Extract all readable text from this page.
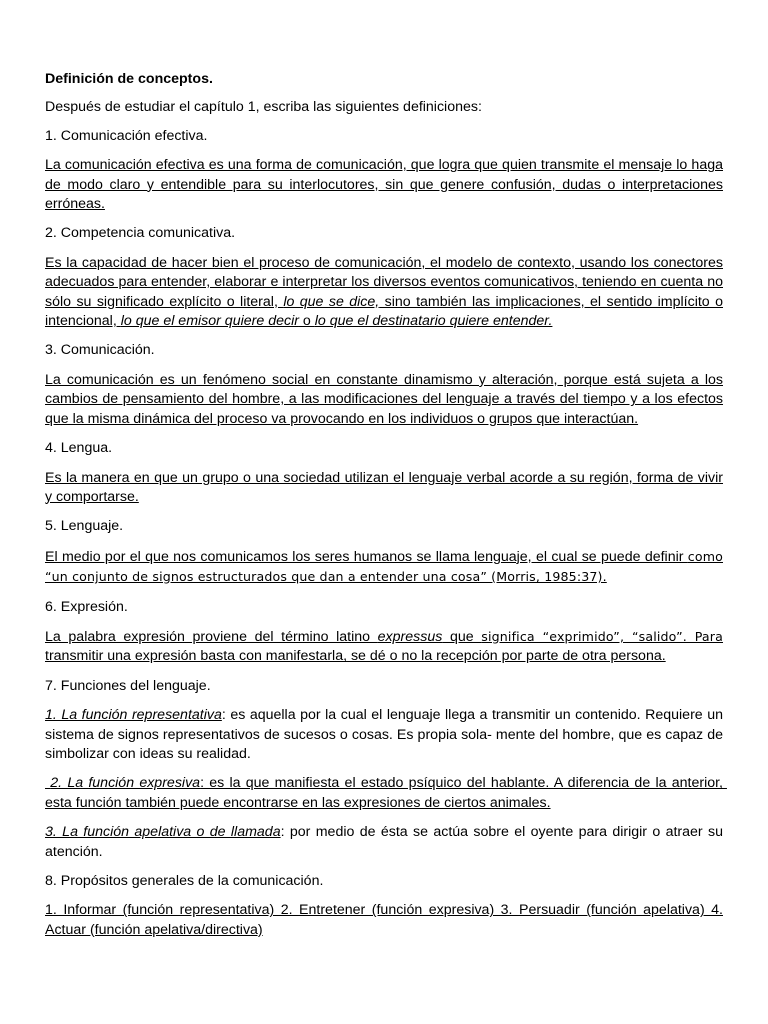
Definición de conceptos.

Después de estudiar el capítulo 1, escriba las siguientes definiciones:

1. Comunicación efectiva.

La comunicación efectiva es una forma de comunicación, que logra que quien transmite el mensaje lo haga de modo claro y entendible para su interlocutores, sin que genere confusión, dudas o interpretaciones erróneas.

2. Competencia comunicativa.

Es la capacidad de hacer bien el proceso de comunicación, el modelo de contexto, usando los conectores adecuados para entender, elaborar e interpretar los diversos eventos comunicativos, teniendo en cuenta no sólo su significado explícito o literal, lo que se dice, sino también las implicaciones, el sentido implícito o intencional, lo que el emisor quiere decir o lo que el destinatario quiere entender.

3. Comunicación.

La comunicación es un fenómeno social en constante dinamismo y alteración, porque está sujeta a los cambios de pensamiento del hombre, a las modificaciones del lenguaje a través del tiempo y a los efectos que la misma dinámica del proceso va provocando en los individuos o grupos que interactúan.

4. Lengua.

Es la manera en que un grupo o una sociedad utilizan el lenguaje verbal acorde a su región, forma de vivir y comportarse.

5. Lenguaje.

El medio por el que nos comunicamos los seres humanos se llama lenguaje, el cual se puede definir como “un conjunto de signos estructurados que dan a entender una cosa” (Morris, 1985:37).

6. Expresión.

La palabra expresión proviene del término latino expressus que significa “exprimido”, “salido”. Para transmitir una expresión basta con manifestarla, se dé o no la recepción por parte de otra persona.

7. Funciones del lenguaje.

1. La función representativa: es aquella por la cual el lenguaje llega a transmitir un contenido. Requiere un sistema de signos representativos de sucesos o cosas. Es propia sola- mente del hombre, que es capaz de simbolizar con ideas su realidad.

2. La función expresiva: es la que manifiesta el estado psíquico del hablante. A diferencia de la anterior, esta función también puede encontrarse en las expresiones de ciertos animales.

3. La función apelativa o de llamada: por medio de ésta se actúa sobre el oyente para dirigir o atraer su atención.

8. Propósitos generales de la comunicación.

1. Informar (función representativa) 2. Entretener (función expresiva) 3. Persuadir (función apelativa) 4. Actuar (función apelativa/directiva)
